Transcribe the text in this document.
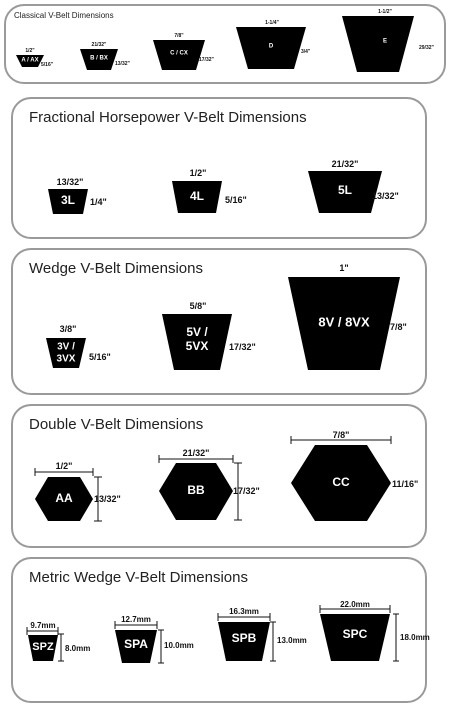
Classical V-Belt Dimensions
Fractional Horsepower V-Belt Dimensions
Wedge V-Belt Dimensions
Double V-Belt Dimensions
Metric Wedge V-Belt Dimensions
A / AX
1/2"
5/16"
B / BX
21/32"
13/32"
C / CX
7/8"
17/32"
D
1-1/4"
3/4"
E
1-1/2"
29/32"
3L
13/32"
1/4"	4L
1/2"
5/16"
5L
21/32"
13/32"
3V /
3VX
3/8"
5/16"
5V /
5VX
5/8"
17/32"
8V / 8VX
1"
7/8"
AA
1/2"
13/32"
BB
21/32"
17/32"
CC
7/8"
11/16"
SPZ
9.7mm
8.0mm	SPA
12.7mm
10.0mm
SPB
16.3mm
13.0mm	SPC
22.0mm
18.0mm
